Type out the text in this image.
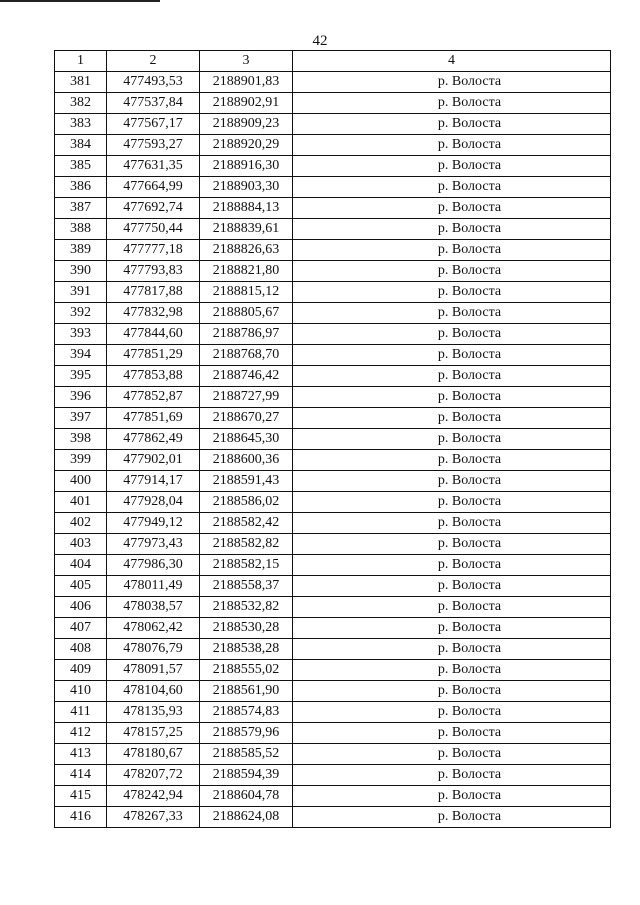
42
1	2	3	4
381	477493,53	2188901,83	р. Волоста
382	477537,84	2188902,91	р. Волоста
383	477567,17	2188909,23	р. Волоста
384	477593,27	2188920,29	р. Волоста
385	477631,35	2188916,30	р. Волоста
386	477664,99	2188903,30	р. Волоста
387	477692,74	2188884,13	р. Волоста
388	477750,44	2188839,61	р. Волоста
389	477777,18	2188826,63	р. Волоста
390	477793,83	2188821,80	р. Волоста
391	477817,88	2188815,12	р. Волоста
392	477832,98	2188805,67	р. Волоста
393	477844,60	2188786,97	р. Волоста
394	477851,29	2188768,70	р. Волоста
395	477853,88	2188746,42	р. Волоста
396	477852,87	2188727,99	р. Волоста
397	477851,69	2188670,27	р. Волоста
398	477862,49	2188645,30	р. Волоста
399	477902,01	2188600,36	р. Волоста
400	477914,17	2188591,43	р. Волоста
401	477928,04	2188586,02	р. Волоста
402	477949,12	2188582,42	р. Волоста
403	477973,43	2188582,82	р. Волоста
404	477986,30	2188582,15	р. Волоста
405	478011,49	2188558,37	р. Волоста
406	478038,57	2188532,82	р. Волоста
407	478062,42	2188530,28	р. Волоста
408	478076,79	2188538,28	р. Волоста
409	478091,57	2188555,02	р. Волоста
410	478104,60	2188561,90	р. Волоста
411	478135,93	2188574,83	р. Волоста
412	478157,25	2188579,96	р. Волоста
413	478180,67	2188585,52	р. Волоста
414	478207,72	2188594,39	р. Волоста
415	478242,94	2188604,78	р. Волоста
416	478267,33	2188624,08	р. Волоста
